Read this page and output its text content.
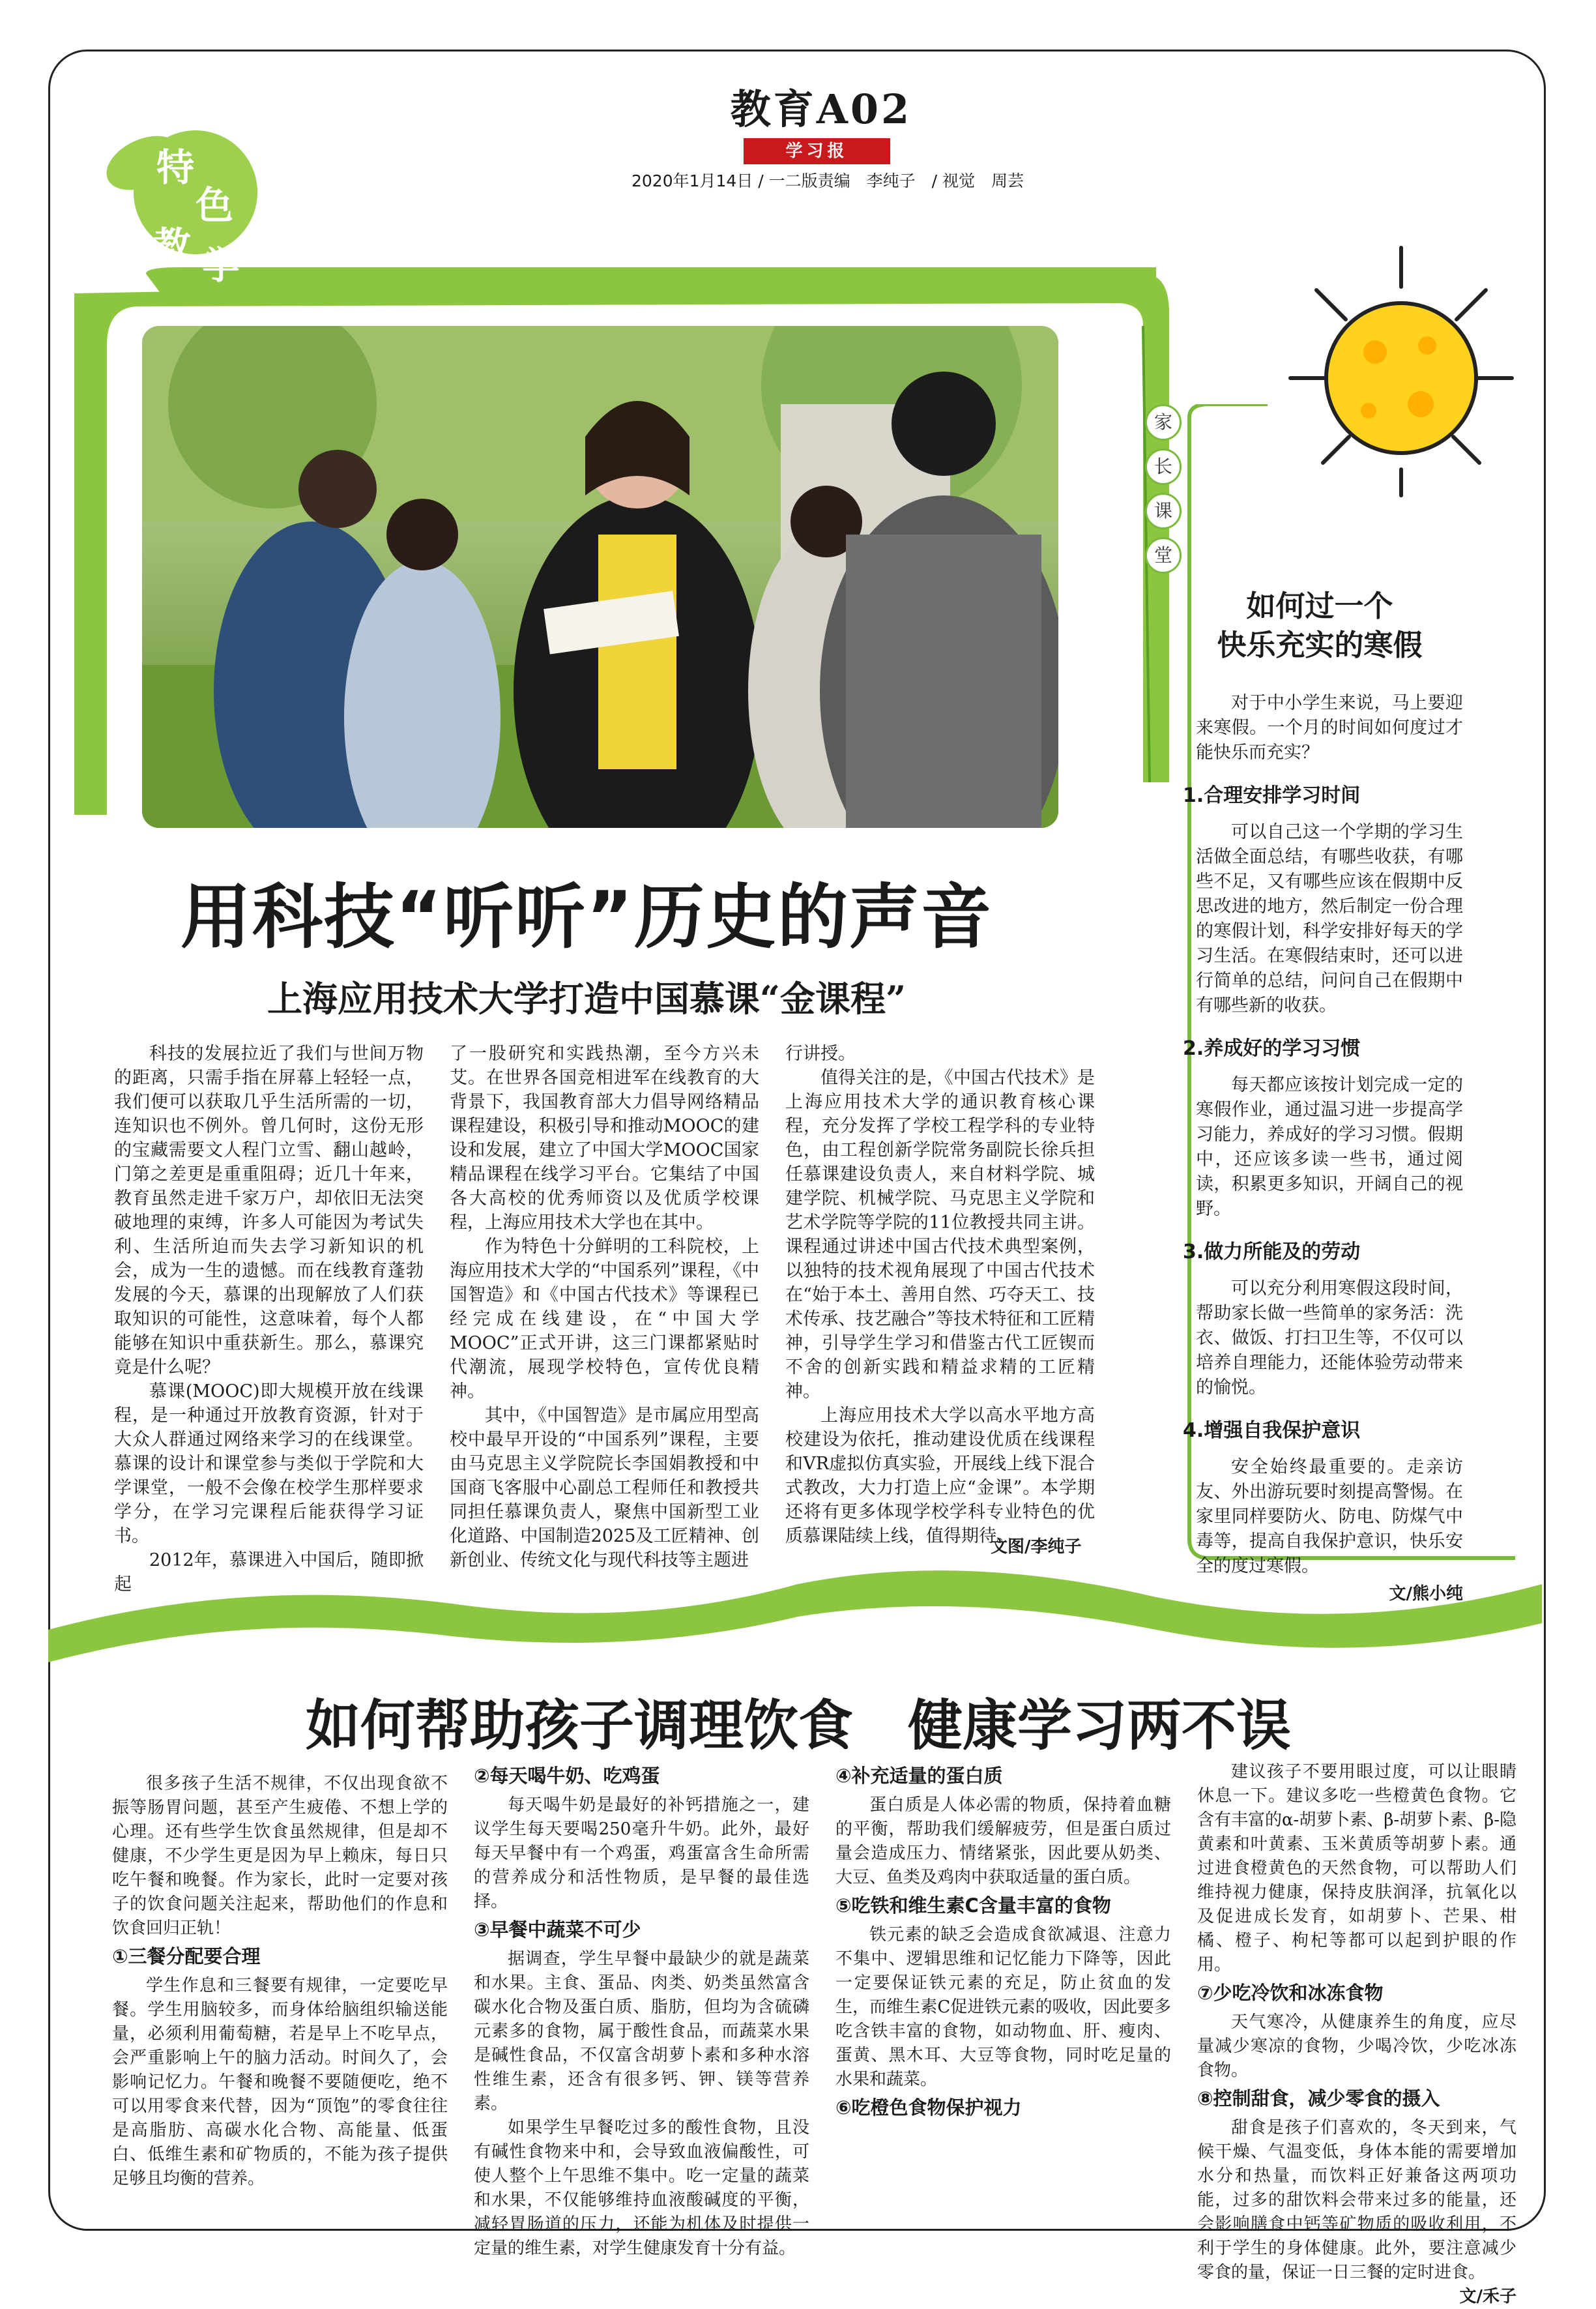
教育A02
学习报
2020年1月14日 / 一二版责编　李纯子　/ 视觉　周芸
特
色
教 学
用科技“听听”历史的声音
上海应用技术大学打造中国慕课“金课程”

科技的发展拉近了我们与世间万物的距离，只需手指在屏幕上轻轻一点，我们便可以获取几乎生活所需的一切，连知识也不例外。曾几何时，这份无形的宝藏需要文人程门立雪、翻山越岭，门第之差更是重重阻碍；近几十年来，教育虽然走进千家万户，却依旧无法突破地理的束缚，许多人可能因为考试失利、生活所迫而失去学习新知识的机会，成为一生的遗憾。而在线教育蓬勃发展的今天，慕课的出现解放了人们获取知识的可能性，这意味着，每个人都能够在知识中重获新生。那么，慕课究竟是什么呢？

慕课(MOOC)即大规模开放在线课程，是一种通过开放教育资源，针对于大众人群通过网络来学习的在线课堂。慕课的设计和课堂参与类似于学院和大学课堂，一般不会像在校学生那样要求学分，在学习完课程后能获得学习证书。

2012年，慕课进入中国后，随即掀起

了一股研究和实践热潮，至今方兴未艾。在世界各国竞相进军在线教育的大背景下，我国教育部大力倡导网络精品课程建设，积极引导和推动MOOC的建设和发展，建立了中国大学MOOC国家精品课程在线学习平台。它集结了中国各大高校的优秀师资以及优质学校课程，上海应用技术大学也在其中。

作为特色十分鲜明的工科院校，上海应用技术大学的“中国系列”课程，《中国智造》和《中国古代技术》等课程已经完成在线建设，在“中国大学MOOC”正式开讲，这三门课都紧贴时代潮流，展现学校特色，宣传优良精神。

其中，《中国智造》是市属应用型高校中最早开设的“中国系列”课程，主要由马克思主义学院院长李国娟教授和中国商飞客服中心副总工程师任和教授共同担任慕课负责人，聚焦中国新型工业化道路、中国制造2025及工匠精神、创新创业、传统文化与现代科技等主题进

行讲授。

值得关注的是，《中国古代技术》是上海应用技术大学的通识教育核心课程，充分发挥了学校工程学科的专业特色，由工程创新学院常务副院长徐兵担任慕课建设负责人，来自材料学院、城建学院、机械学院、马克思主义学院和艺术学院等学院的11位教授共同主讲。课程通过讲述中国古代技术典型案例，以独特的技术视角展现了中国古代技术在“始于本土、善用自然、巧夺天工、技术传承、技艺融合”等技术特征和工匠精神，引导学生学习和借鉴古代工匠锲而不舍的创新实践和精益求精的工匠精神。

上海应用技术大学以高水平地方高校建设为依托，推动建设优质在线课程和VR虚拟仿真实验，开展线上线下混合式教改，大力打造上应“金课”。本学期还将有更多体现学校学科专业特色的优质慕课陆续上线，值得期待。

文图/李纯子
家
长
课
堂
如何过一个
快乐充实的寒假

对于中小学生来说，马上要迎来寒假。一个月的时间如何度过才能快乐而充实？

1.合理安排学习时间

可以自己这一个学期的学习生活做全面总结，有哪些收获，有哪些不足，又有哪些应该在假期中反思改进的地方，然后制定一份合理的寒假计划，科学安排好每天的学习生活。在寒假结束时，还可以进行简单的总结，问问自己在假期中有哪些新的收获。

2.养成好的学习习惯

每天都应该按计划完成一定的寒假作业，通过温习进一步提高学习能力，养成好的学习习惯。假期中，还应该多读一些书，通过阅读，积累更多知识，开阔自己的视野。

3.做力所能及的劳动

可以充分利用寒假这段时间，帮助家长做一些简单的家务活：洗衣、做饭、打扫卫生等，不仅可以培养自理能力，还能体验劳动带来的愉悦。

4.增强自我保护意识

安全始终最重要的。走亲访友、外出游玩要时刻提高警惕。在家里同样要防火、防电、防煤气中毒等，提高自我保护意识，快乐安全的度过寒假。

文/熊小纯
如何帮助孩子调理饮食　健康学习两不误

很多孩子生活不规律，不仅出现食欲不振等肠胃问题，甚至产生疲倦、不想上学的心理。还有些学生饮食虽然规律，但是却不健康，不少学生更是因为早上赖床，每日只吃午餐和晚餐。作为家长，此时一定要对孩子的饮食问题关注起来，帮助他们的作息和饮食回归正轨！

①三餐分配要合理

学生作息和三餐要有规律，一定要吃早餐。学生用脑较多，而身体给脑组织输送能量，必须利用葡萄糖，若是早上不吃早点，会严重影响上午的脑力活动。时间久了，会影响记忆力。午餐和晚餐不要随便吃，绝不可以用零食来代替，因为“顶饱”的零食往往是高脂肪、高碳水化合物、高能量、低蛋白、低维生素和矿物质的，不能为孩子提供足够且均衡的营养。

②每天喝牛奶、吃鸡蛋

每天喝牛奶是最好的补钙措施之一，建议学生每天要喝250毫升牛奶。此外，最好每天早餐中有一个鸡蛋，鸡蛋富含生命所需的营养成分和活性物质，是早餐的最佳选择。

③早餐中蔬菜不可少

据调查，学生早餐中最缺少的就是蔬菜和水果。主食、蛋品、肉类、奶类虽然富含碳水化合物及蛋白质、脂肪，但均为含硫磷元素多的食物，属于酸性食品，而蔬菜水果是碱性食品，不仅富含胡萝卜素和多种水溶性维生素，还含有很多钙、钾、镁等营养素。

如果学生早餐吃过多的酸性食物，且没有碱性食物来中和，会导致血液偏酸性，可使人整个上午思维不集中。吃一定量的蔬菜和水果，不仅能够维持血液酸碱度的平衡，减轻胃肠道的压力，还能为机体及时提供一定量的维生素，对学生健康发育十分有益。

④补充适量的蛋白质

蛋白质是人体必需的物质，保持着血糖的平衡，帮助我们缓解疲劳，但是蛋白质过量会造成压力、情绪紧张，因此要从奶类、大豆、鱼类及鸡肉中获取适量的蛋白质。

⑤吃铁和维生素C含量丰富的食物

铁元素的缺乏会造成食欲减退、注意力不集中、逻辑思维和记忆能力下降等，因此一定要保证铁元素的充足，防止贫血的发生，而维生素C促进铁元素的吸收，因此要多吃含铁丰富的食物，如动物血、肝、瘦肉、蛋黄、黑木耳、大豆等食物，同时吃足量的水果和蔬菜。

⑥吃橙色食物保护视力

建议孩子不要用眼过度，可以让眼睛休息一下。建议多吃一些橙黄色食物。它含有丰富的α-胡萝卜素、β-胡萝卜素、β-隐黄素和叶黄素、玉米黄质等胡萝卜素。通过进食橙黄色的天然食物，可以帮助人们维持视力健康，保持皮肤润泽，抗氧化以及促进成长发育，如胡萝卜、芒果、柑橘、橙子、枸杞等都可以起到护眼的作用。

⑦少吃冷饮和冰冻食物

天气寒冷，从健康养生的角度，应尽量减少寒凉的食物，少喝冷饮，少吃冰冻食物。

⑧控制甜食，减少零食的摄入

甜食是孩子们喜欢的，冬天到来，气候干燥、气温变低，身体本能的需要增加水分和热量，而饮料正好兼备这两项功能，过多的甜饮料会带来过多的能量，还会影响膳食中钙等矿物质的吸收利用，不利于学生的身体健康。此外，要注意减少零食的量，保证一日三餐的定时进食。

文/禾子
